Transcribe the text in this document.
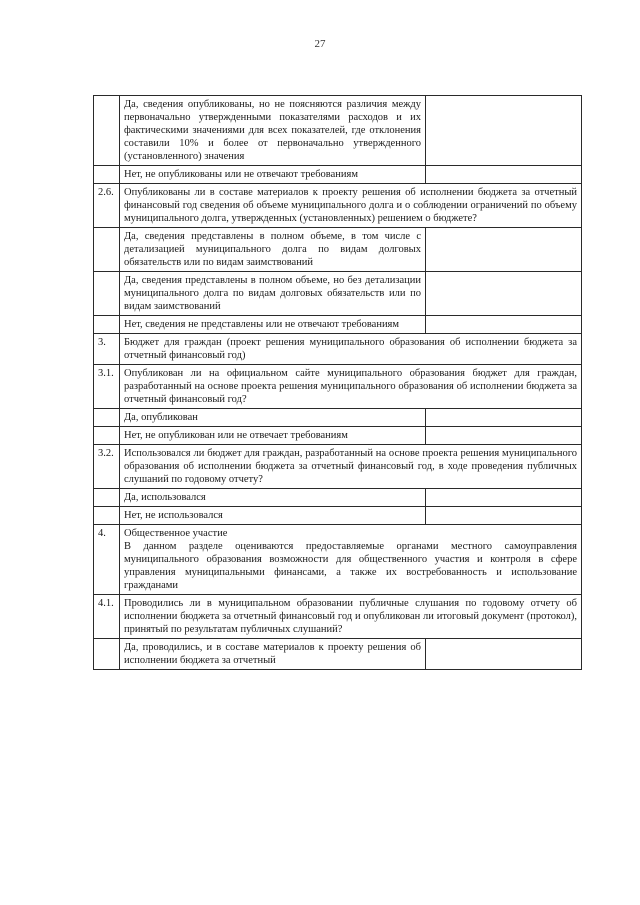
27
	Да, сведения опубликованы, но не поясняются различия между первоначально утвержденными показателями расходов и их фактическими значениями для всех показателей, где отклонения составили 10% и более от первоначально утвержденного (установленного) значения	
	Нет, не опубликованы или не отвечают требованиям	
2.6.	Опубликованы ли в составе материалов к проекту решения об исполнении бюджета за отчетный финансовый год сведения об объеме муниципального долга и о соблюдении ограничений по объему муниципального долга, утвержденных (установленных) решением о бюджете?	
	Да, сведения представлены в полном объеме, в том числе с детализацией муниципального долга по видам долговых обязательств или по видам заимствований	
	Да, сведения представлены в полном объеме, но без детализации муниципального долга по видам долговых обязательств или по видам заимствований	
	Нет, сведения не представлены или не отвечают требованиям	
3.	Бюджет для граждан (проект решения муниципального образования об исполнении бюджета за отчетный финансовый год)	
3.1.	Опубликован ли на официальном сайте муниципального образования бюджет для граждан, разработанный на основе проекта решения муниципального образования об исполнении бюджета за отчетный финансовый год?	
	Да, опубликован	
	Нет, не опубликован или не отвечает требованиям	
3.2.	Использовался ли бюджет для граждан, разработанный на основе проекта решения муниципального образования об исполнении бюджета за отчетный финансовый год, в ходе проведения публичных слушаний по годовому отчету?	
	Да, использовался	
	Нет, не использовался	
4.	Общественное участие
В данном разделе оцениваются предоставляемые органами местного самоуправления муниципального образования возможности для общественного участия и контроля в сфере управления муниципальными финансами, а также их востребованность и использование гражданами	
4.1.	Проводились ли в муниципальном образовании публичные слушания по годовому отчету об исполнении бюджета за отчетный финансовый год и опубликован ли итоговый документ (протокол), принятый по результатам публичных слушаний?	
	Да, проводились, и в составе материалов к проекту решения об исполнении бюджета за отчетный	
